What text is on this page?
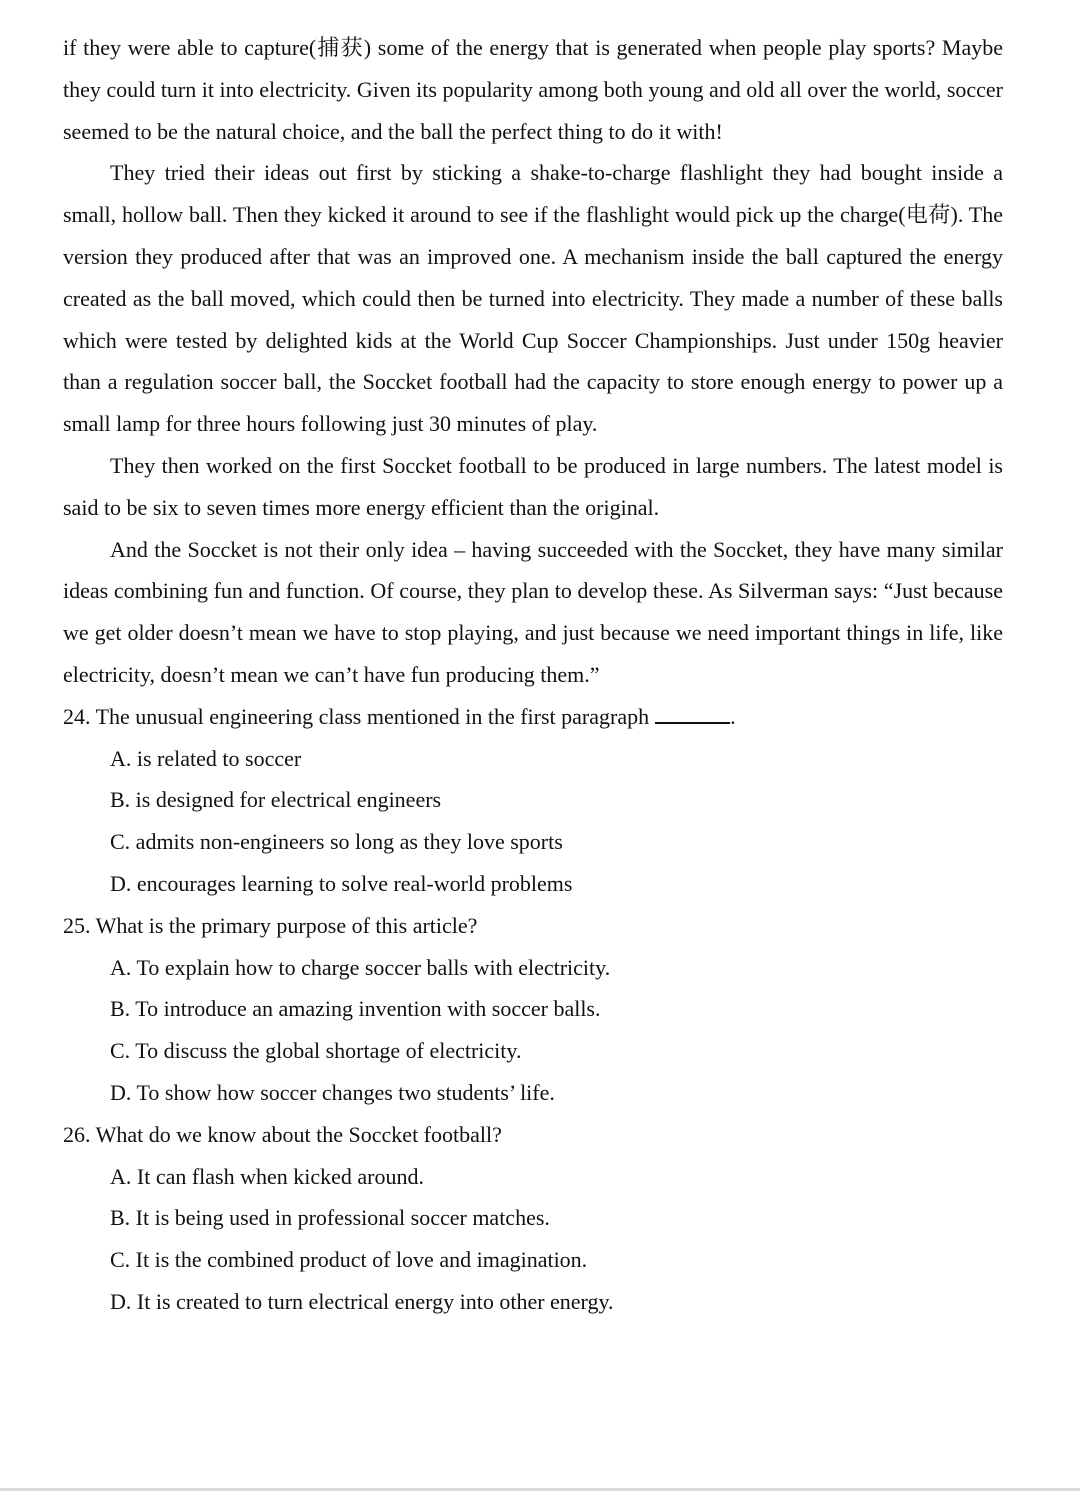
if they were able to capture(捕获) some of the energy that is generated when people play sports? Maybe they could turn it into electricity. Given its popularity among both young and old all over the world, soccer seemed to be the natural choice, and the ball the perfect thing to do it with!

They tried their ideas out first by sticking a shake-to-charge flashlight they had bought inside a small, hollow ball. Then they kicked it around to see if the flashlight would pick up the charge(电荷). The version they produced after that was an improved one. A mechanism inside the ball captured the energy created as the ball moved, which could then be turned into electricity. They made a number of these balls which were tested by delighted kids at the World Cup Soccer Championships. Just under 150g heavier than a regulation soccer ball, the Soccket football had the capacity to store enough energy to power up a small lamp for three hours following just 30 minutes of play.

They then worked on the first Soccket football to be produced in large numbers. The latest model is said to be six to seven times more energy efficient than the original.

And the Soccket is not their only idea – having succeeded with the Soccket, they have many similar ideas combining fun and function. Of course, they plan to develop these. As Silverman says: “Just because we get older doesn’t mean we have to stop playing, and just because we need important things in life, like electricity, doesn’t mean we can’t have fun producing them.”

24. The unusual engineering class mentioned in the first paragraph	.

A. is related to soccer

B. is designed for electrical engineers

C. admits non-engineers so long as they love sports

D. encourages learning to solve real-world problems

25. What is the primary purpose of this article?

A. To explain how to charge soccer balls with electricity.

B. To introduce an amazing invention with soccer balls.

C. To discuss the global shortage of electricity.

D. To show how soccer changes two students’ life.

26. What do we know about the Soccket football?

A. It can flash when kicked around.

B. It is being used in professional soccer matches.

C. It is the combined product of love and imagination.

D. It is created to turn electrical energy into other energy.
